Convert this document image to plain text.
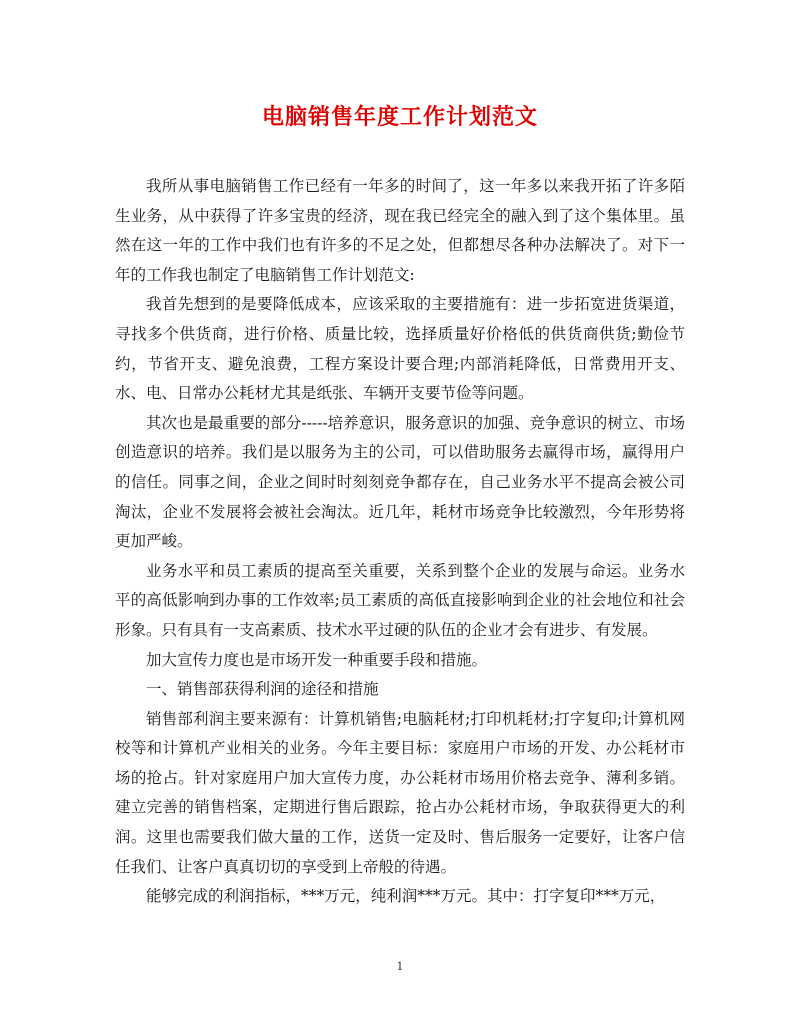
电脑销售年度工作计划范文

我所从事电脑销售工作已经有一年多的时间了，这一年多以来我开拓了许多陌生业务，从中获得了许多宝贵的经济，现在我已经完全的融入到了这个集体里。虽然在这一年的工作中我们也有许多的不足之处，但都想尽各种办法解决了。对下一年的工作我也制定了电脑销售工作计划范文:

我首先想到的是要降低成本，应该采取的主要措施有：进一步拓宽进货渠道，寻找多个供货商，进行价格、质量比较，选择质量好价格低的供货商供货;勤俭节约，节省开支、避免浪费，工程方案设计要合理;内部消耗降低，日常费用开支、水、电、日常办公耗材尤其是纸张、车辆开支要节俭等问题。

其次也是最重要的部分-----培养意识，服务意识的加强、竞争意识的树立、市场创造意识的培养。我们是以服务为主的公司，可以借助服务去赢得市场，赢得用户的信任。同事之间，企业之间时时刻刻竞争都存在，自己业务水平不提高会被公司淘汰，企业不发展将会被社会淘汰。近几年，耗材市场竞争比较激烈，今年形势将更加严峻。

业务水平和员工素质的提高至关重要，关系到整个企业的发展与命运。业务水平的高低影响到办事的工作效率;员工素质的高低直接影响到企业的社会地位和社会形象。只有具有一支高素质、技术水平过硬的队伍的企业才会有进步、有发展。

加大宣传力度也是市场开发一种重要手段和措施。

一、销售部获得利润的途径和措施

销售部利润主要来源有：计算机销售;电脑耗材;打印机耗材;打字复印;计算机网校等和计算机产业相关的业务。今年主要目标：家庭用户市场的开发、办公耗材市场的抢占。针对家庭用户加大宣传力度，办公耗材市场用价格去竞争、薄利多销。建立完善的销售档案，定期进行售后跟踪，抢占办公耗材市场，争取获得更大的利润。这里也需要我们做大量的工作，送货一定及时、售后服务一定要好，让客户信任我们、让客户真真切切的享受到上帝般的待遇。

能够完成的利润指标，***万元，纯利润***万元。其中：打字复印***万元，

1
